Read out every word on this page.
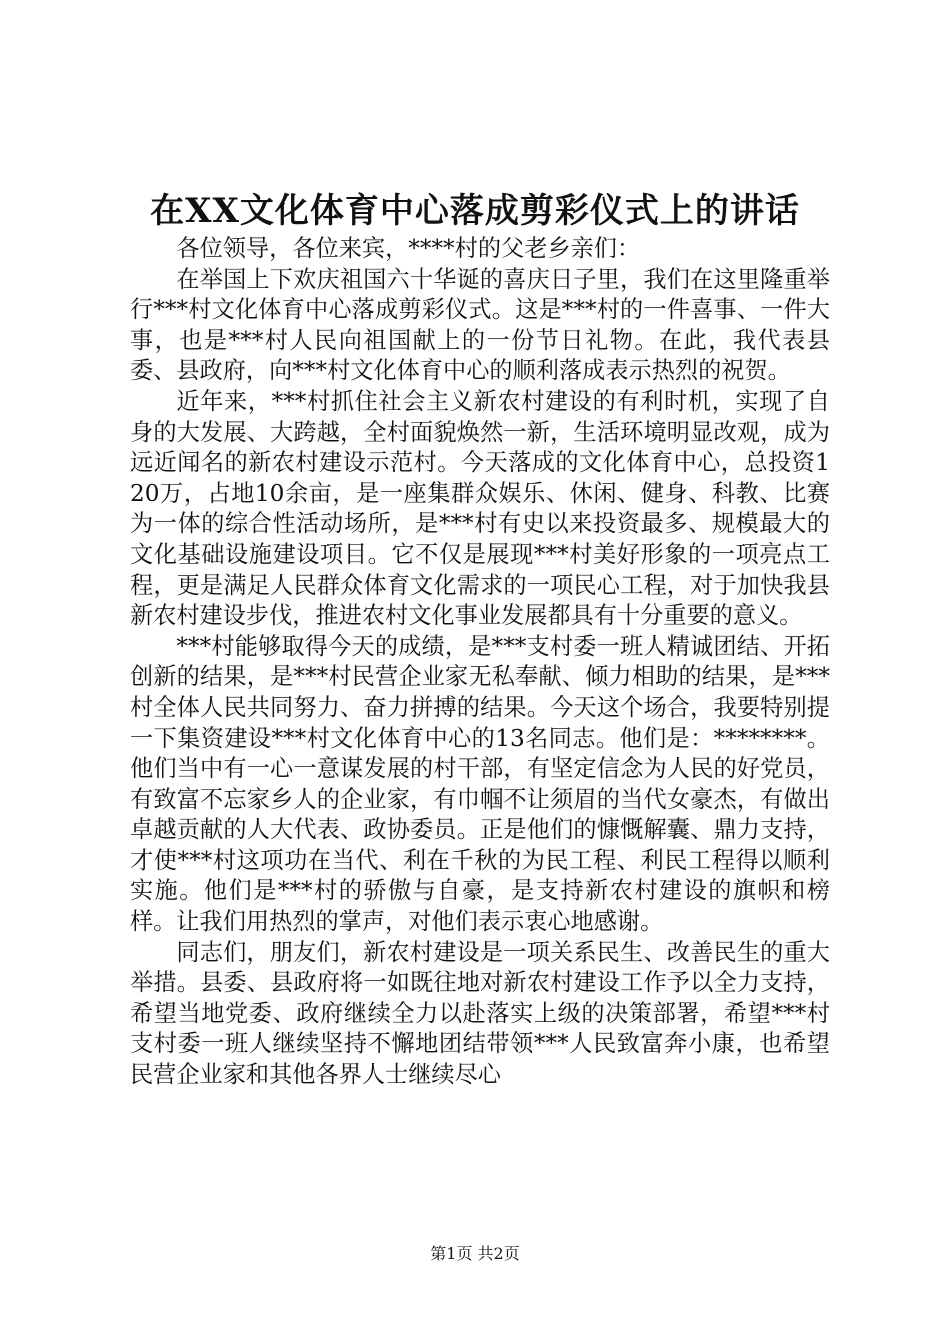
在XX文化体育中心落成剪彩仪式上的讲话

各位领导，各位来宾，****村的父老乡亲们：

在举国上下欢庆祖国六十华诞的喜庆日子里，我们在这里隆重举行***村文化体育中心落成剪彩仪式。这是***村的一件喜事、一件大事，也是***村人民向祖国献上的一份节日礼物。在此，我代表县委、县政府，向***村文化体育中心的顺利落成表示热烈的祝贺。

近年来，***村抓住社会主义新农村建设的有利时机，实现了自身的大发展、大跨越，全村面貌焕然一新，生活环境明显改观，成为远近闻名的新农村建设示范村。今天落成的文化体育中心，总投资120万，占地10余亩，是一座集群众娱乐、休闲、健身、科教、比赛为一体的综合性活动场所，是***村有史以来投资最多、规模最大的文化基础设施建设项目。它不仅是展现***村美好形象的一项亮点工程，更是满足人民群众体育文化需求的一项民心工程，对于加快我县新农村建设步伐，推进农村文化事业发展都具有十分重要的意义。

***村能够取得今天的成绩，是***支村委一班人精诚团结、开拓创新的结果，是***村民营企业家无私奉献、倾力相助的结果，是***村全体人民共同努力、奋力拼搏的结果。今天这个场合，我要特别提一下集资建设***村文化体育中心的13名同志。他们是：********。他们当中有一心一意谋发展的村干部，有坚定信念为人民的好党员，有致富不忘家乡人的企业家，有巾帼不让须眉的当代女豪杰，有做出卓越贡献的人大代表、政协委员。正是他们的慷慨解囊、鼎力支持，才使***村这项功在当代、利在千秋的为民工程、利民工程得以顺利实施。他们是***村的骄傲与自豪，是支持新农村建设的旗帜和榜样。让我们用热烈的掌声，对他们表示衷心地感谢。

同志们，朋友们，新农村建设是一项关系民生、改善民生的重大举措。县委、县政府将一如既往地对新农村建设工作予以全力支持，希望当地党委、政府继续全力以赴落实上级的决策部署，希望***村支村委一班人继续坚持不懈地团结带领***人民致富奔小康，也希望民营企业家和其他各界人士继续尽心

第1页 共2页
